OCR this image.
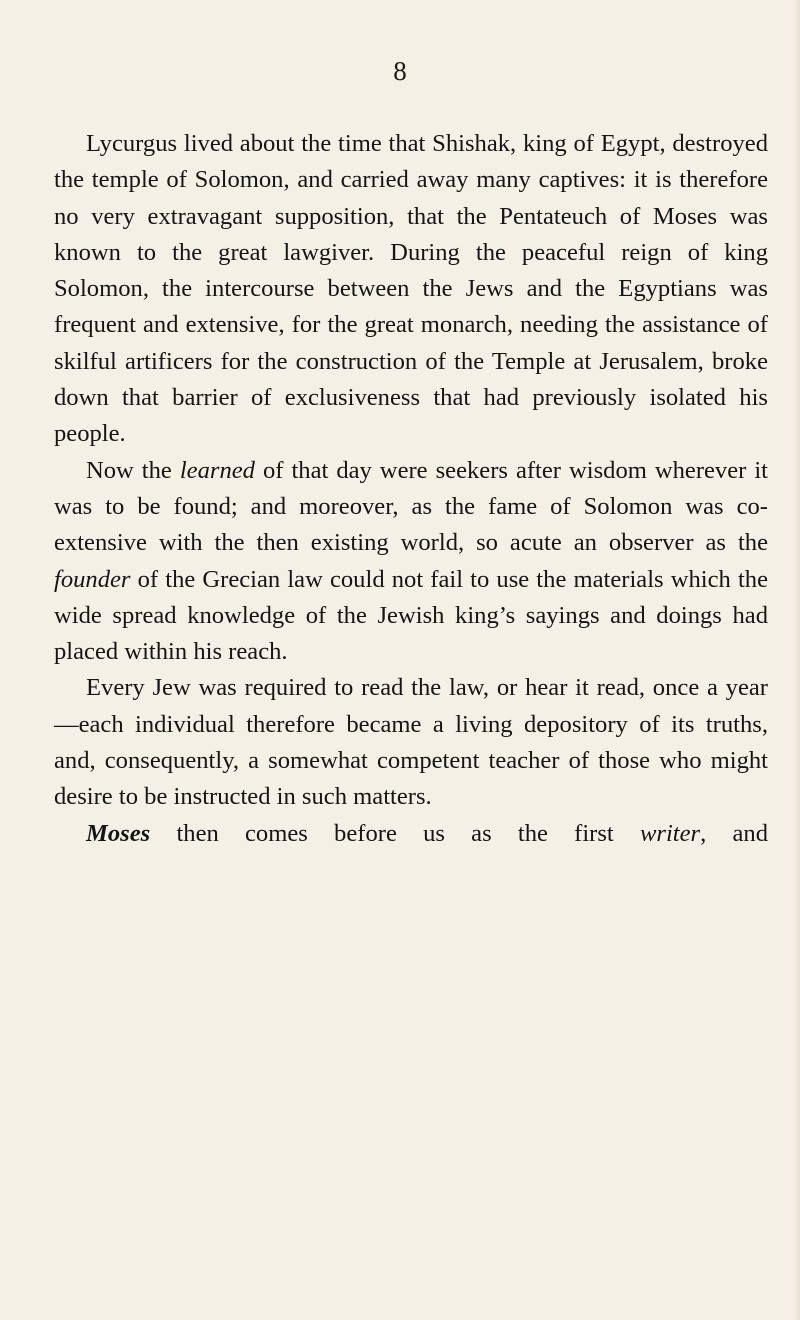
8

Lycurgus lived about the time that Shishak, king of Egypt, destroyed the temple of Solomon, and carried away many captives: it is therefore no very extravagant supposition, that the Pentateuch of Moses was known to the great lawgiver. During the peaceful reign of king Solomon, the intercourse between the Jews and the Egyptians was frequent and extensive, for the great monarch, needing the assistance of skilful artificers for the construction of the Temple at Jerusalem, broke down that barrier of exclusiveness that had previously isolated his people.

Now the learned of that day were seekers after wisdom wherever it was to be found; and moreover, as the fame of Solomon was co-extensive with the then existing world, so acute an observer as the founder of the Grecian law could not fail to use the materials which the wide spread knowledge of the Jewish king’s sayings and doings had placed within his reach.

Every Jew was required to read the law, or hear it read, once a year—each individual therefore became a living depository of its truths, and, consequently, a somewhat competent teacher of those who might desire to be instructed in such matters.

Moses then comes before us as the first writer, and
